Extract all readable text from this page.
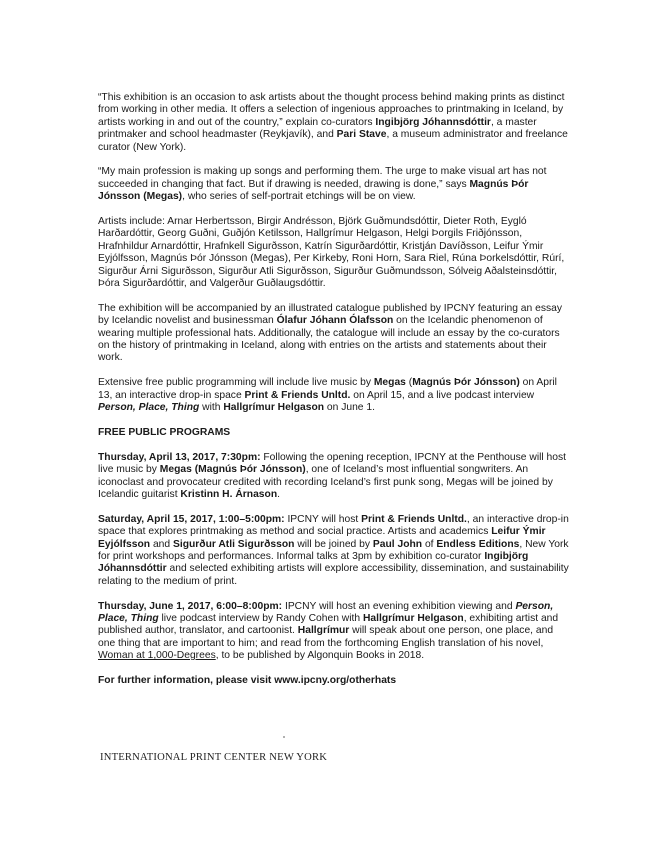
“This exhibition is an occasion to ask artists about the thought process behind making prints as distinct from working in other media. It offers a selection of ingenious approaches to printmaking in Iceland, by artists working in and out of the country,” explain co-curators Ingibjörg Jóhannsdóttir, a master printmaker and school headmaster (Reykjavík), and Pari Stave, a museum administrator and freelance curator (New York).

“My main profession is making up songs and performing them. The urge to make visual art has not succeeded in changing that fact. But if drawing is needed, drawing is done,” says Magnús Þór Jónsson (Megas), who series of self-portrait etchings will be on view.

Artists include: Arnar Herbertsson, Birgir Andrésson, Björk Guðmundsdóttir, Dieter Roth, Eygló Harðardóttir, Georg Guðni, Guðjón Ketilsson, Hallgrímur Helgason, Helgi Þorgils Friðjónsson, Hrafnhildur Arnardóttir, Hrafnkell Sigurðsson, Katrín Sigurðardóttir, Kristján Davíðsson, Leifur Ýmir Eyjólfsson, Magnús Þór Jónsson (Megas), Per Kirkeby, Roni Horn, Sara Riel, Rúna Þorkelsdóttir, Rúrí, Sigurður Árni Sigurðsson, Sigurður Atli Sigurðsson, Sigurður Guðmundsson, Sólveig Aðalsteinsdóttir, Þóra Sigurðardóttir, and Valgerður Guðlaugsdóttir.

The exhibition will be accompanied by an illustrated catalogue published by IPCNY featuring an essay by Icelandic novelist and businessman Ólafur Jóhann Ólafsson on the Icelandic phenomenon of wearing multiple professional hats. Additionally, the catalogue will include an essay by the co-curators on the history of printmaking in Iceland, along with entries on the artists and statements about their work.

Extensive free public programming will include live music by Megas (Magnús Þór Jónsson) on April 13, an interactive drop-in space Print & Friends Unltd. on April 15, and a live podcast interview Person, Place, Thing with Hallgrímur Helgason on June 1.

FREE PUBLIC PROGRAMS

Thursday, April 13, 2017, 7:30pm: Following the opening reception, IPCNY at the Penthouse will host live music by Megas (Magnús Þór Jónsson), one of Iceland’s most influential songwriters. An iconoclast and provocateur credited with recording Iceland’s first punk song, Megas will be joined by Icelandic guitarist Kristinn H. Árnason.

Saturday, April 15, 2017, 1:00–5:00pm: IPCNY will host Print & Friends Unltd., an interactive drop-in space that explores printmaking as method and social practice. Artists and academics Leifur Ýmir Eyjólfsson and Sigurður Atli Sigurðsson will be joined by Paul John of Endless Editions, New York for print workshops and performances. Informal talks at 3pm by exhibition co-curator Ingibjörg Jóhannsdóttir and selected exhibiting artists will explore accessibility, dissemination, and sustainability relating to the medium of print.

Thursday, June 1, 2017, 6:00–8:00pm: IPCNY will host an evening exhibition viewing and Person, Place, Thing live podcast interview by Randy Cohen with Hallgrímur Helgason, exhibiting artist and published author, translator, and cartoonist. Hallgrímur will speak about one person, one place, and one thing that are important to him; and read from the forthcoming English translation of his novel, Woman at 1,000-Degrees, to be published by Algonquin Books in 2018.

For further information, please visit www.ipcny.org/otherhats

INTERNATIONAL PRINT CENTER NEW YORK
